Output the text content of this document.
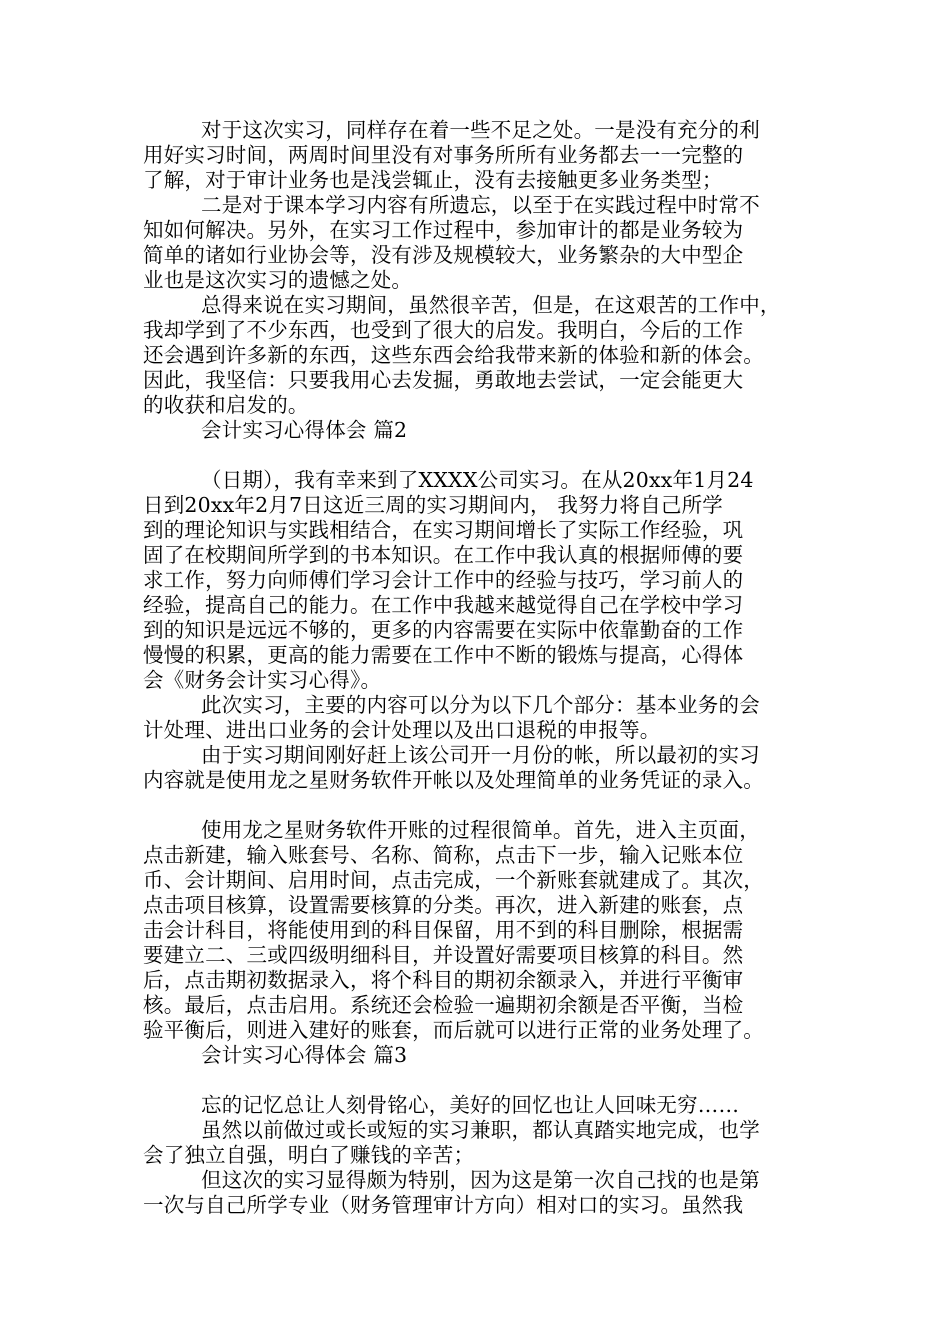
对于这次实习，同样存在着一些不足之处。一是没有充分的利
用好实习时间，两周时间里没有对事务所所有业务都去一一完整的
了解，对于审计业务也是浅尝辄止，没有去接触更多业务类型；
二是对于课本学习内容有所遗忘，以至于在实践过程中时常不
知如何解决。另外，在实习工作过程中，参加审计的都是业务较为
简单的诸如行业协会等，没有涉及规模较大，业务繁杂的大中型企
业也是这次实习的遗憾之处。
总得来说在实习期间，虽然很辛苦，但是，在这艰苦的工作中，
我却学到了不少东西，也受到了很大的启发。我明白，今后的工作
还会遇到许多新的东西，这些东西会给我带来新的体验和新的体会。
因此，我坚信：只要我用心去发掘，勇敢地去尝试，一定会能更大
的收获和启发的。
会计实习心得体会 篇2
（日期），我有幸来到了XXXX公司实习。在从20xx年1月24
日到20xx年2月7日这近三周的实习期间内， 我努力将自己所学
到的理论知识与实践相结合，在实习期间增长了实际工作经验，巩
固了在校期间所学到的书本知识。在工作中我认真的根据师傅的要
求工作，努力向师傅们学习会计工作中的经验与技巧，学习前人的
经验，提高自己的能力。在工作中我越来越觉得自己在学校中学习
到的知识是远远不够的，更多的内容需要在实际中依靠勤奋的工作
慢慢的积累，更高的能力需要在工作中不断的锻炼与提高，心得体
会《财务会计实习心得》。
此次实习，主要的内容可以分为以下几个部分：基本业务的会
计处理、进出口业务的会计处理以及出口退税的申报等。
由于实习期间刚好赶上该公司开一月份的帐，所以最初的实习
内容就是使用龙之星财务软件开帐以及处理简单的业务凭证的录入。
使用龙之星财务软件开账的过程很简单。首先，进入主页面，
点击新建，输入账套号、名称、简称，点击下一步，输入记账本位
币、会计期间、启用时间，点击完成，一个新账套就建成了。其次，
点击项目核算，设置需要核算的分类。再次，进入新建的账套，点
击会计科目，将能使用到的科目保留，用不到的科目删除，根据需
要建立二、三或四级明细科目，并设置好需要项目核算的科目。然
后，点击期初数据录入，将个科目的期初余额录入，并进行平衡审
核。最后，点击启用。系统还会检验一遍期初余额是否平衡，当检
验平衡后，则进入建好的账套，而后就可以进行正常的业务处理了。
会计实习心得体会 篇3
忘的记忆总让人刻骨铭心，美好的回忆也让人回味无穷……
虽然以前做过或长或短的实习兼职，都认真踏实地完成，也学
会了独立自强，明白了赚钱的辛苦；
但这次的实习显得颇为特别，因为这是第一次自己找的也是第
一次与自己所学专业（财务管理审计方向）相对口的实习。虽然我
